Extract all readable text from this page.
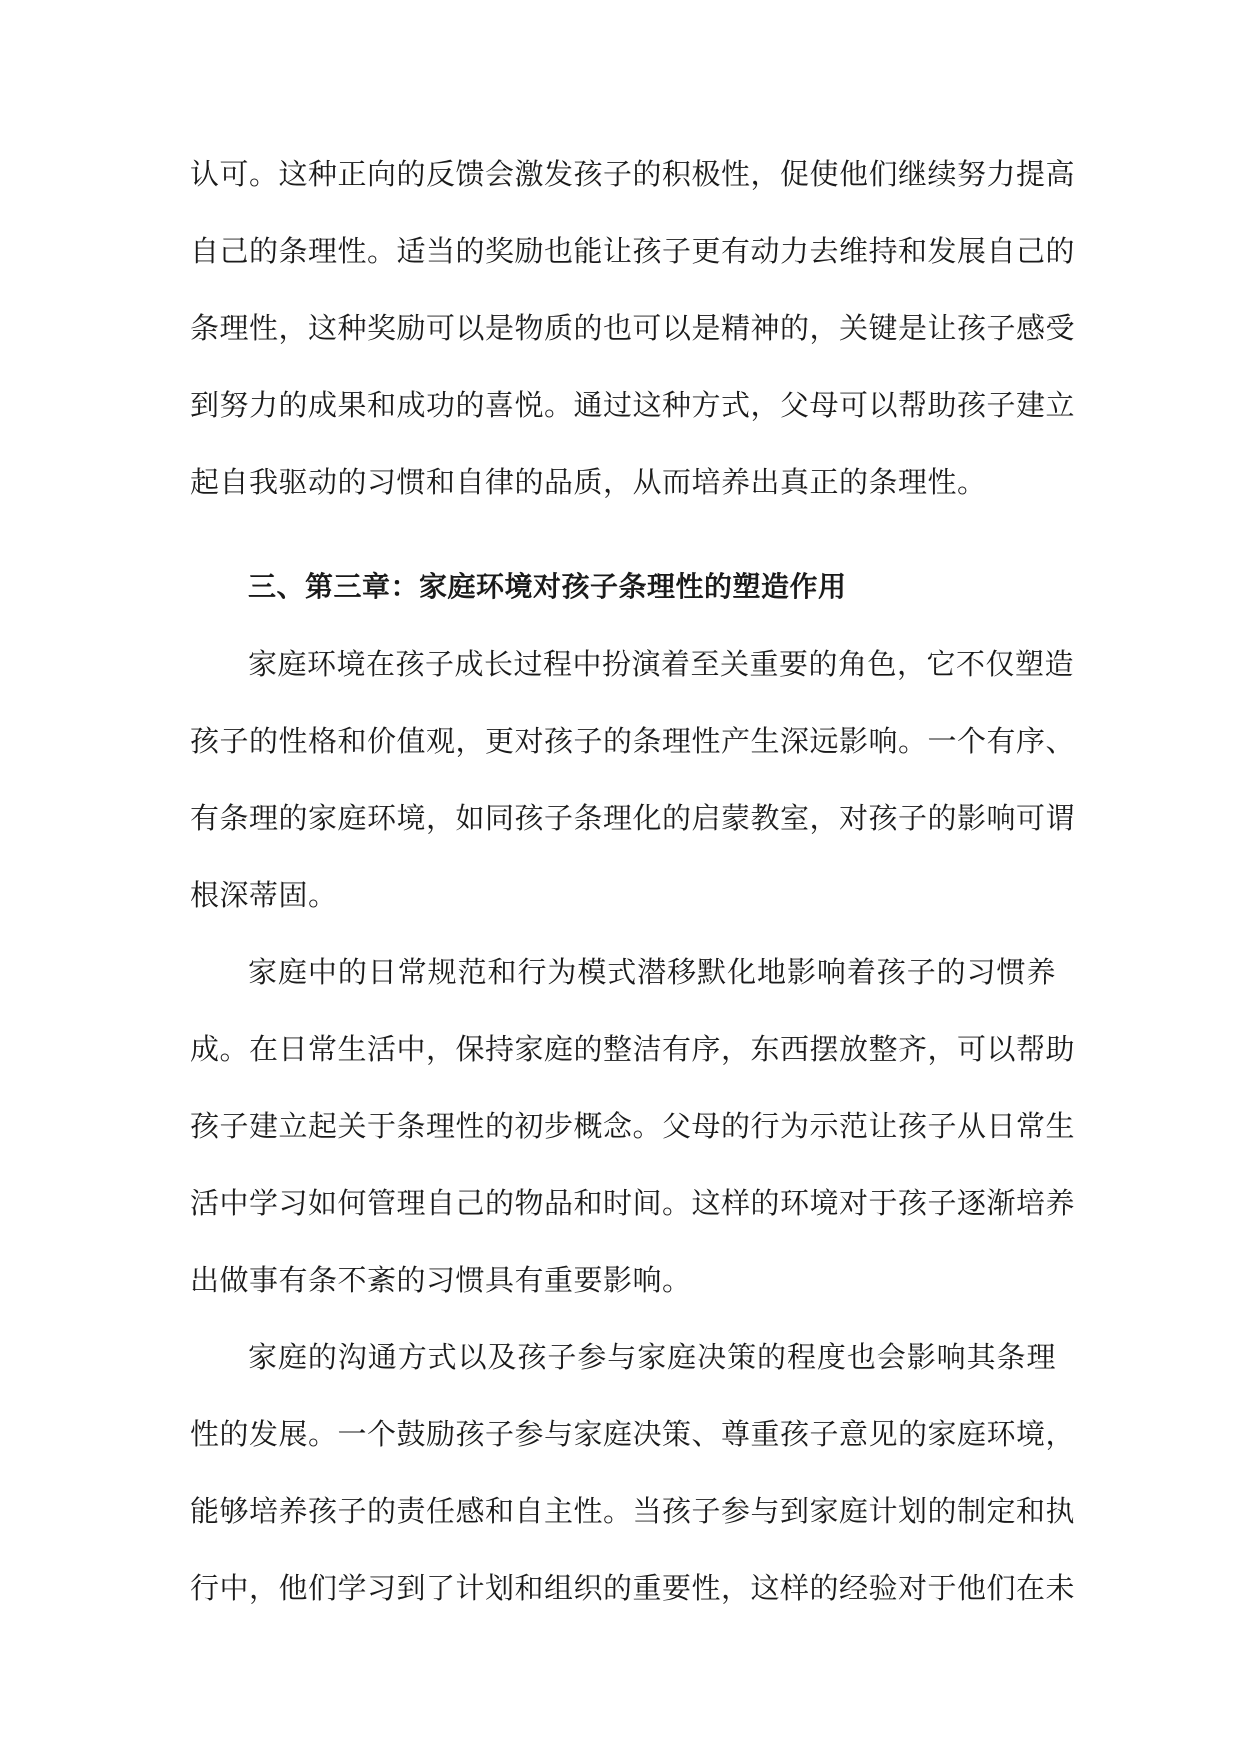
认可。这种正向的反馈会激发孩子的积极性，促使他们继续努力提高
自己的条理性。适当的奖励也能让孩子更有动力去维持和发展自己的
条理性，这种奖励可以是物质的也可以是精神的，关键是让孩子感受
到努力的成果和成功的喜悦。通过这种方式，父母可以帮助孩子建立
起自我驱动的习惯和自律的品质，从而培养出真正的条理性。
三、第三章：家庭环境对孩子条理性的塑造作用
家庭环境在孩子成长过程中扮演着至关重要的角色，它不仅塑造
孩子的性格和价值观，更对孩子的条理性产生深远影响。一个有序、
有条理的家庭环境，如同孩子条理化的启蒙教室，对孩子的影响可谓
根深蒂固。
家庭中的日常规范和行为模式潜移默化地影响着孩子的习惯养
成。在日常生活中，保持家庭的整洁有序，东西摆放整齐，可以帮助
孩子建立起关于条理性的初步概念。父母的行为示范让孩子从日常生
活中学习如何管理自己的物品和时间。这样的环境对于孩子逐渐培养
出做事有条不紊的习惯具有重要影响。
家庭的沟通方式以及孩子参与家庭决策的程度也会影响其条理
性的发展。一个鼓励孩子参与家庭决策、尊重孩子意见的家庭环境，
能够培养孩子的责任感和自主性。当孩子参与到家庭计划的制定和执
行中，他们学习到了计划和组织的重要性，这样的经验对于他们在未
